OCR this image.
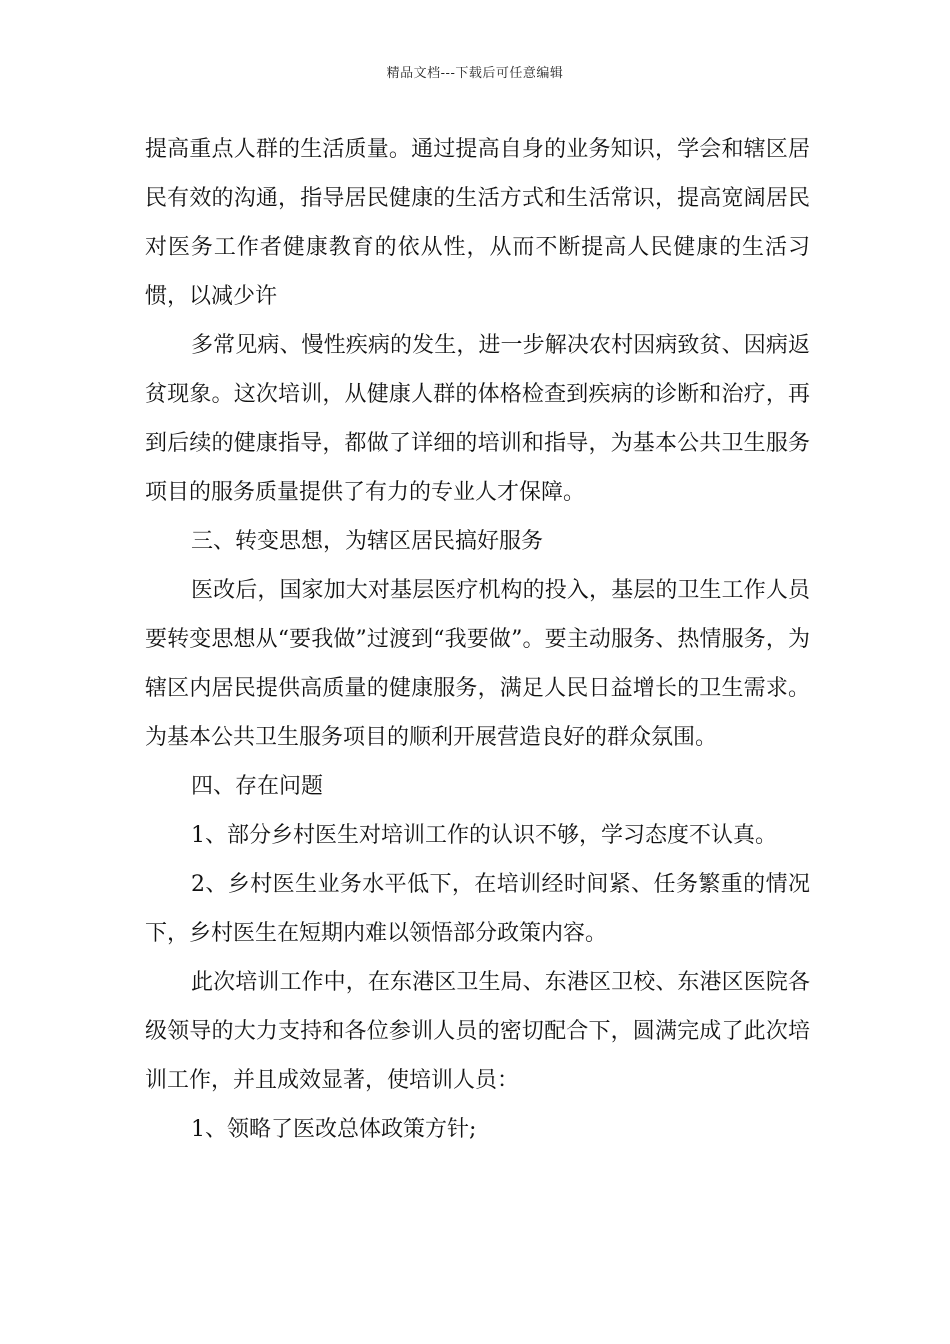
精品文档---下载后可任意编辑

提高重点人群的生活质量。通过提高自身的业务知识，学会和辖区居民有效的沟通，指导居民健康的生活方式和生活常识，提高宽阔居民对医务工作者健康教育的依从性，从而不断提高人民健康的生活习惯，以减少许

多常见病、慢性疾病的发生，进一步解决农村因病致贫、因病返贫现象。这次培训，从健康人群的体格检查到疾病的诊断和治疗，再到后续的健康指导，都做了详细的培训和指导，为基本公共卫生服务项目的服务质量提供了有力的专业人才保障。

三、转变思想，为辖区居民搞好服务

医改后，国家加大对基层医疗机构的投入，基层的卫生工作人员要转变思想从“要我做”过渡到“我要做”。要主动服务、热情服务，为辖区内居民提供高质量的健康服务，满足人民日益增长的卫生需求。为基本公共卫生服务项目的顺利开展营造良好的群众氛围。

四、存在问题

1、部分乡村医生对培训工作的认识不够，学习态度不认真。

2、乡村医生业务水平低下，在培训经时间紧、任务繁重的情况下，乡村医生在短期内难以领悟部分政策内容。

此次培训工作中，在东港区卫生局、东港区卫校、东港区医院各级领导的大力支持和各位参训人员的密切配合下，圆满完成了此次培训工作，并且成效显著，使培训人员：

1、领略了医改总体政策方针;
